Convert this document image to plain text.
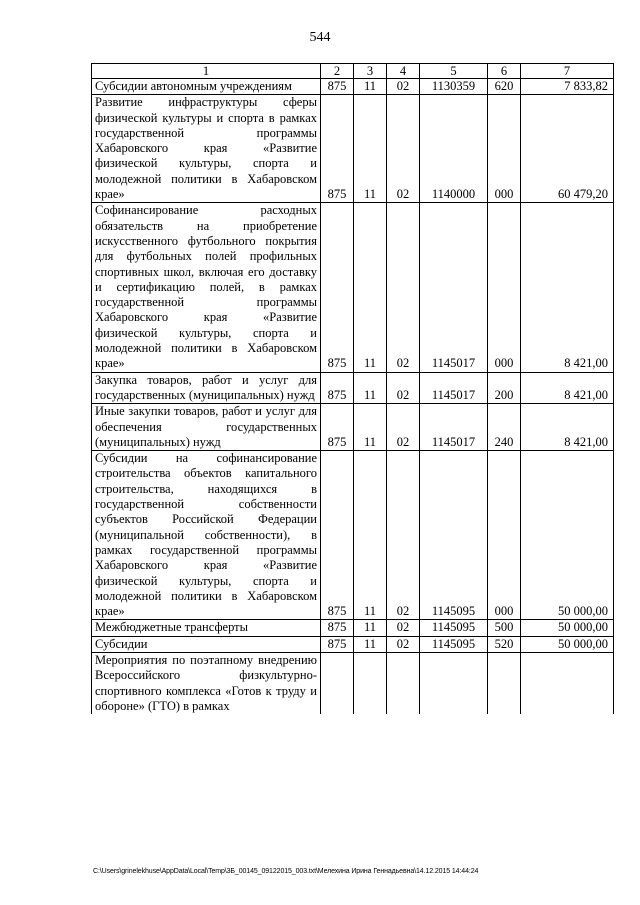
544
1	2	3	4	5	6	7
Субсидии автономным учреждениям	875	11	02	1130359	620	7 833,82
Развитие инфраструктуры сферы физической культуры и спорта в рамках государственной программы Хабаровского края «Развитие физической культуры, спорта и молодежной политики в Хабаровском крае»	875	11	02	1140000	000	60 479,20
Софинансирование расходных обязательств на приобретение искусственного футбольного покрытия для футбольных полей профильных спортивных школ, включая его доставку и сертификацию полей, в рамках государственной программы Хабаровского края «Развитие физической культуры, спорта и молодежной политики в Хабаровском крае»	875	11	02	1145017	000	8 421,00
Закупка товаров, работ и услуг для государственных (муниципальных) нужд	875	11	02	1145017	200	8 421,00
Иные закупки товаров, работ и услуг для обеспечения государственных (муниципальных) нужд	875	11	02	1145017	240	8 421,00
Субсидии на софинансирование строительства объектов капитального строительства, находящихся в государственной собственности субъектов Российской Федерации (муниципальной собственности), в рамках государственной программы Хабаровского края «Развитие физической культуры, спорта и молодежной политики в Хабаровском крае»	875	11	02	1145095	000	50 000,00
Межбюджетные трансферты	875	11	02	1145095	500	50 000,00
Субсидии	875	11	02	1145095	520	50 000,00
Мероприятия по поэтапному внедрению Всероссийского физкультурно-спортивного комплекса «Готов к труду и обороне» (ГТО) в рамках						
C:\Users\grinelekhuse\AppData\Local\Temp\3Б_00145_09122015_003.txt\Мелехина Ирина Геннадьевна\14.12.2015 14:44:24
